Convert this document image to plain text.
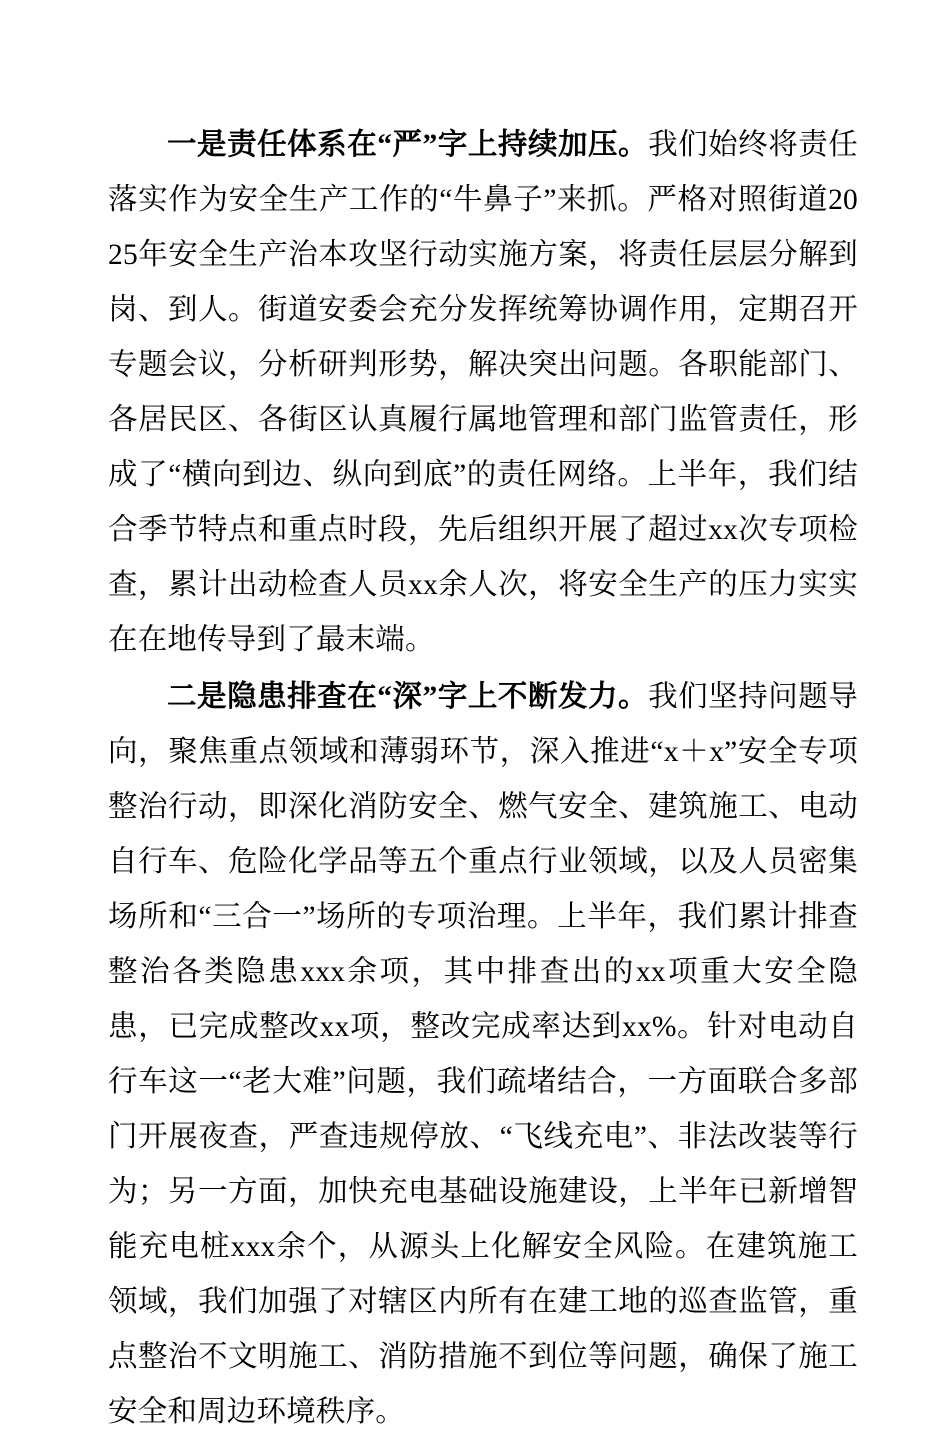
一是责任体系在“严”字上持续加压。我们始终将责任落实作为安全生产工作的“牛鼻子”来抓。严格对照街道2025年安全生产治本攻坚行动实施方案，将责任层层分解到岗、到人。街道安委会充分发挥统筹协调作用，定期召开专题会议，分析研判形势，解决突出问题。各职能部门、各居民区、各街区认真履行属地管理和部门监管责任，形成了“横向到边、纵向到底”的责任网络。上半年，我们结合季节特点和重点时段，先后组织开展了超过xx次专项检查，累计出动检查人员xx余人次，将安全生产的压力实实在在地传导到了最末端。

二是隐患排查在“深”字上不断发力。我们坚持问题导向，聚焦重点领域和薄弱环节，深入推进“x＋x”安全专项整治行动，即深化消防安全、燃气安全、建筑施工、电动自行车、危险化学品等五个重点行业领域，以及人员密集场所和“三合一”场所的专项治理。上半年，我们累计排查整治各类隐患xxx余项，其中排查出的xx项重大安全隐患，已完成整改xx项，整改完成率达到xx%。针对电动自行车这一“老大难”问题，我们疏堵结合，一方面联合多部门开展夜查，严查违规停放、“飞线充电”、非法改装等行为；另一方面，加快充电基础设施建设，上半年已新增智能充电桩xxx余个，从源头上化解安全风险。在建筑施工领域，我们加强了对辖区内所有在建工地的巡查监管，重点整治不文明施工、消防措施不到位等问题，确保了施工安全和周边环境秩序。
